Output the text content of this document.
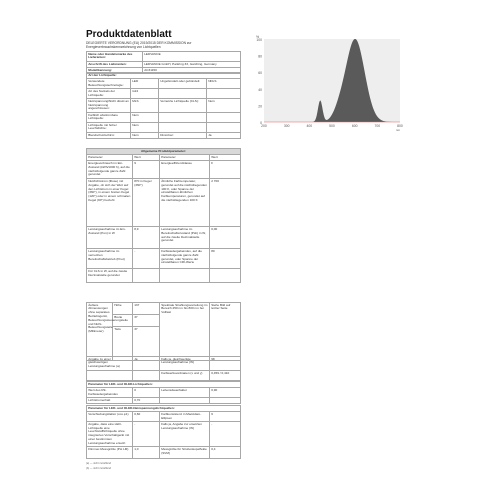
Produktdatenblatt
DELEGIERTE VERORDNUNG (EU) 2019/2015 DER KOMMISSION zur
Energieverbrauchskennzeichnung von Lichtquellen
Name oder Handelsmarke des Lieferanten:	LEDVANCE
Anschrift des Lieferanten:	LEDVANCE GmbH, Parkring 33, Garching, Germany
Modellkennung:	AC31150
Art der Lichtquelle:			
Verwendete Beleuchtungstechnologie:	LED	Ungebündelt oder gebündelt:	NDLS
Art des Sockels der Lichtquelle:	G24		
Netzspannung/Nicht direkt an Netzspannung angeschlossen:	MLS	Vernetzte Lichtquelle (CLS):	Nein
Farblich abstimmbare Lichtquelle:	Nein		
Lichtquelle mit hoher Leuchtdichte:	Nein		
Blendschutzschirm:	Nein	Dimmbar:	Ja
Allgemeine Produktparameter:			
Parameter	Wert	Parameter	Wert
Energieverbrauch im Ein-Zustand (kWh/1000 h), auf die nächstfolgende ganze Zahl gerundet	9	Energieeffizienzklasse	F
Nutzlichtstrom (Φuse) mit Angabe, ob sich der Wert auf den Lichtstrom in einer Kugel (360°), in einem breiten Kegel (120°) oder in einem schmalen Kegel (90°) bezieht	870 in Kugel (360°)	Ähnliche Farbtemperatur, gerundet auf die nächstliegenden 100 K, oder Spanne der einstellbaren ähnlichen Farbtemperaturen, gerundet auf die nächstliegenden 100 K	2 700
Leistungsaufnahme im Ein-Zustand (Pon) in W	8,9	Leistungsaufnahme im Bereitschaftszustand (Psb) in W, auf die zweite Dezimalstelle gerundet	0,00
Leistungsaufnahme im vernetzten Bereitschaftsbetrieb (Pnet)	-	Farbwiedergabeindex, auf die nächstfolgende ganze Zahl gerundet, oder Spanne der einstellbaren CRI-Werte	80
Für CLS in W, auf die zweite Dezimalstelle gerundet			
Äußere Abmessungen ohne separates Betriebsgerät, Beleuchtungssteuerungsteile und Nicht-Beleuchtungsteile (Millimeter)	Höhe	137	Spektrale Strahlungsverteilung im Bereich 250 nm bis 800 nm bei Volllast	Siehe Bild auf letzter Seite
	Breite	37		
	Tiefe	37		
Angabe zu einer gleichwertigen Leistungsaufnahme (a)	Ja	Falls ja, gleichwertige Leistungsaufnahme (W)	98
		Farbwertkoordinaten (x und y)	0,459 / 0,410
Parameter für LED- und OLED-Lichtquellen:			
Wert des R9-Farbwiedergabeindex	0	Lebensdauerfaktor	0,90
Lichtstromerhalt	0,70		
Parameter für LED- und OLED-Netzspannungslichtquellen:			
Verschiebungsfaktor (cos φ1)	0,60	Farbkonsistenz in MacAdam-Ellipsen	6
Angabe, dass eine LED-Lichtquelle eine Leuchtstofflichtquelle ohne integriertes Vorschaltgerät mit einer bestimmten Leistungsaufnahme ersetzt	-	Falls ja, Angabe zur ersetzten Leistungsaufnahme (W)	-
Flimmer-Messgröße (Pst LM)	1,0	Messgröße für Stroboskopeffekte (SVM)	0,4
(a) — nicht zutreffend
(b) — nicht zutreffend
%
100
80
60
40
20
0
200	300	400	500	600	700	800
nm
